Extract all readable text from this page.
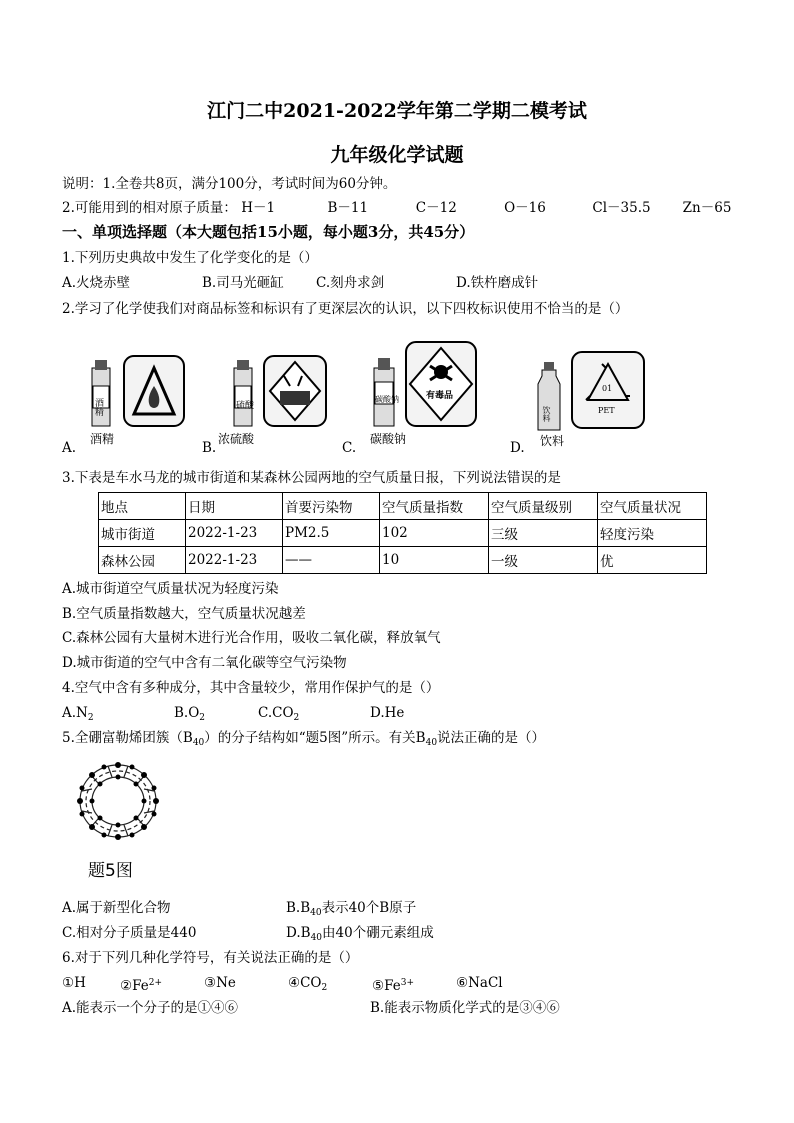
江门二中2021-2022学年第二学期二模考试
九年级化学试题
说明：1.全卷共8页，满分100分，考试时间为60分钟。
2.可能用到的相对原子质量： H－1	B－11	C－12	O－16	Cl－35.5 Zn－65
一、单项选择题（本大题包括15小题，每小题3分，共45分）
1.下列历史典故中发生了化学变化的是（）
A.火烧赤壁	B.司马光砸缸 C.刻舟求剑	D.铁杵磨成针
2.学习了化学使我们对商品标签和标识有了更深层次的认识，以下四枚标识使用不恰当的是（）
A.
酒精
酒精
B.
硫酸
浓硫酸
C.
有毒品
碳酸钠
碳酸钠
D.
01
PET
饮料
饮料
3.下表是车水马龙的城市街道和某森林公园两地的空气质量日报，下列说法错误的是
地点	日期	首要污染物	空气质量指数	空气质量级别	空气质量状况
城市街道	2022-1-23	PM2.5	102	三级	轻度污染
森林公园	2022-1-23	——	10	一级	优
A.城市街道空气质量状况为轻度污染
B.空气质量指数越大，空气质量状况越差
C.森林公园有大量树木进行光合作用，吸收二氧化碳，释放氧气
D.城市街道的空气中含有二氧化碳等空气污染物
4.空气中含有多种成分，其中含量较少，常用作保护气的是（）
$A.N_2$	$B.O_2$	$C.CO_2$	D.He
5.全硼富勒烯团簇$(B_{40})$的分子结构如“题5图”所示。有关$B_{40}$说法正确的是（）
题5图
A.属于新型化合物	$B.B_{40}$表示40个B原子
C.相对分子质量是440	$D.B_{40}$由40个硼元素组成
6.对于下列几种化学符号，有关说法正确的是（）
①H	$②Fe^{2+}$	③Ne	$④CO_2$	$⑤Fe^{3+}$	⑥NaCl
A.能表示一个分子的是①④⑥	B.能表示物质化学式的是③④⑥
